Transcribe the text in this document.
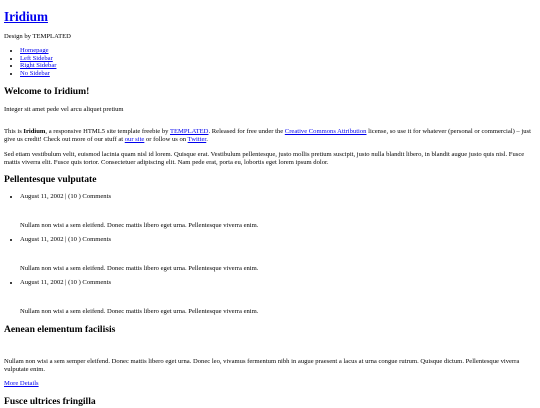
Iridium
Design by TEMPLATED
• Homepage
• Left Sidebar
• Right Sidebar
• No Sidebar
Welcome to Iridium!
Integer sit amet pede vel arcu aliquet pretium

This is Iridium, a responsive HTML5 site template freebie by TEMPLATED. Released for free under the Creative Commons Attribution license, so use it for whatever (personal or commercial) – just give us credit! Check out more of our stuff at our site or follow us on Twitter.

Sed etiam vestibulum velit, euismod lacinia quam nisl id lorem. Quisque erat. Vestibulum pellentesque, justo mollis pretium suscipit, justo nulla blandit libero, in blandit augue justo quis nisl. Fusce mattis viverra elit. Fusce quis tortor. Consectetuer adipiscing elit. Nam pede erat, porta eu, lobortis eget lorem ipsum dolor.

Pellentesque vulputate
• August 11, 2002 | (10 ) Comments

Nullam non wisi a sem eleifend. Donec mattis libero eget urna. Pellentesque viverra enim.

• August 11, 2002 | (10 ) Comments

Nullam non wisi a sem eleifend. Donec mattis libero eget urna. Pellentesque viverra enim.

• August 11, 2002 | (10 ) Comments

Nullam non wisi a sem eleifend. Donec mattis libero eget urna. Pellentesque viverra enim.

Aenean elementum facilisis

Nullam non wisi a sem semper eleifend. Donec mattis libero eget urna. Donec leo, vivamus fermentum nibh in augue praesent a lacus at urna congue rutrum. Quisque dictum. Pellentesque viverra vulputate enim.

More Details
Fusce ultrices fringilla
